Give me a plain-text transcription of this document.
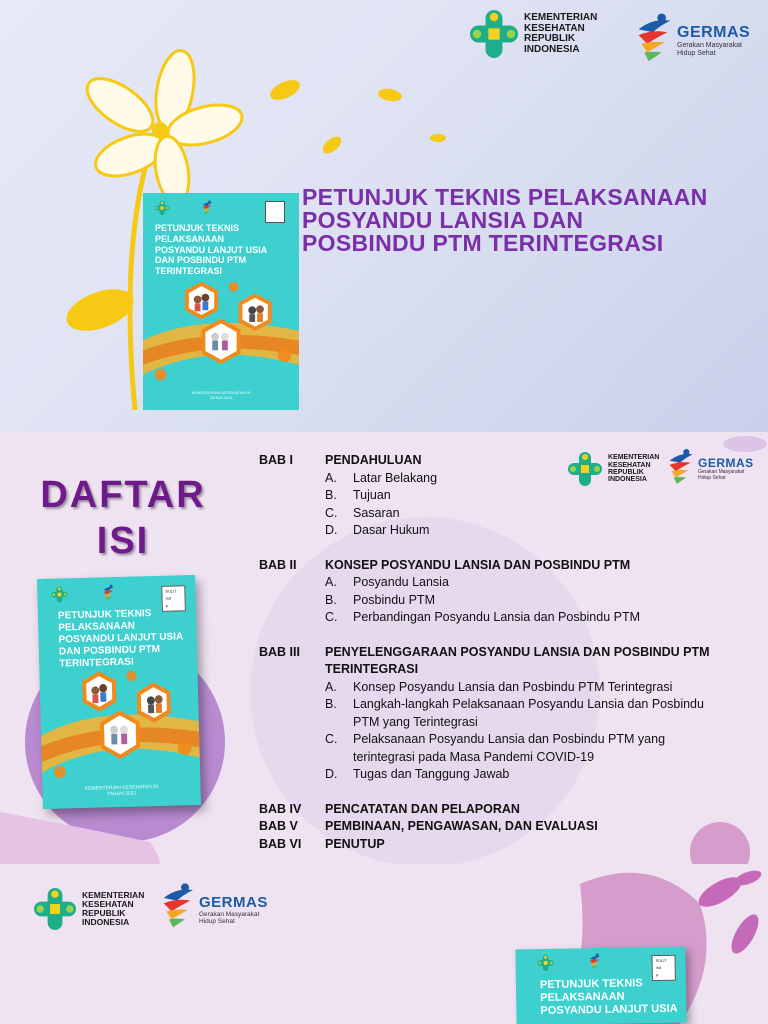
KEMENTERIAN
KESEHATAN
REPUBLIK
INDONESIA
GERMAS
Gerakan Masyarakat
Hidup Sehat
PETUNJUK TEKNIS
PELAKSANAAN
POSYANDU LANJUT USIA
DAN POSBINDU PTM
TERINTEGRASI
KEMENTERIAN KESEHATAN RI
TAHUN 2021
PETUNJUK TEKNIS PELAKSANAAN
POSYANDU LANSIA DAN
POSBINDU PTM TERINTEGRASI
DAFTAR
ISI
KEMENTERIAN
KESEHATAN
REPUBLIK
INDONESIA
GERMAS
Gerakan Masyarakat
Hidup Sehat
SULIT
Ind
P
PETUNJUK TEKNIS
PELAKSANAAN
POSYANDU LANJUT USIA
DAN POSBINDU PTM
TERINTEGRASI
KEMENTERIAN KESEHATAN RI
TAHUN 2021
BAB I	PENDAHULUAN
A.	Latar Belakang
B.	Tujuan
C.	Sasaran
D.	Dasar Hukum
BAB II	KONSEP POSYANDU LANSIA DAN POSBINDU PTM
A.	Posyandu Lansia
B.	Posbindu PTM
C.	Perbandingan Posyandu Lansia dan Posbindu PTM
BAB III	PENYELENGGARAAN POSYANDU LANSIA DAN POSBINDU PTM TERINTEGRASI
A.	Konsep Posyandu Lansia dan Posbindu PTM Terintegrasi
B.	Langkah-langkah Pelaksanaan Posyandu Lansia dan Posbindu PTM yang Terintegrasi
C.	Pelaksanaan Posyandu Lansia dan Posbindu PTM yang terintegrasi pada Masa Pandemi COVID-19
D.	Tugas dan Tanggung Jawab
BAB IV	PENCATATAN DAN PELAPORAN
BAB V	PEMBINAAN, PENGAWASAN, DAN EVALUASI
BAB VI	PENUTUP
KEMENTERIAN
KESEHATAN
REPUBLIK
INDONESIA
GERMAS
Gerakan Masyarakat
Hidup Sehat
SULIT
Ind
P
PETUNJUK TEKNIS
PELAKSANAAN
POSYANDU LANJUT USIA
